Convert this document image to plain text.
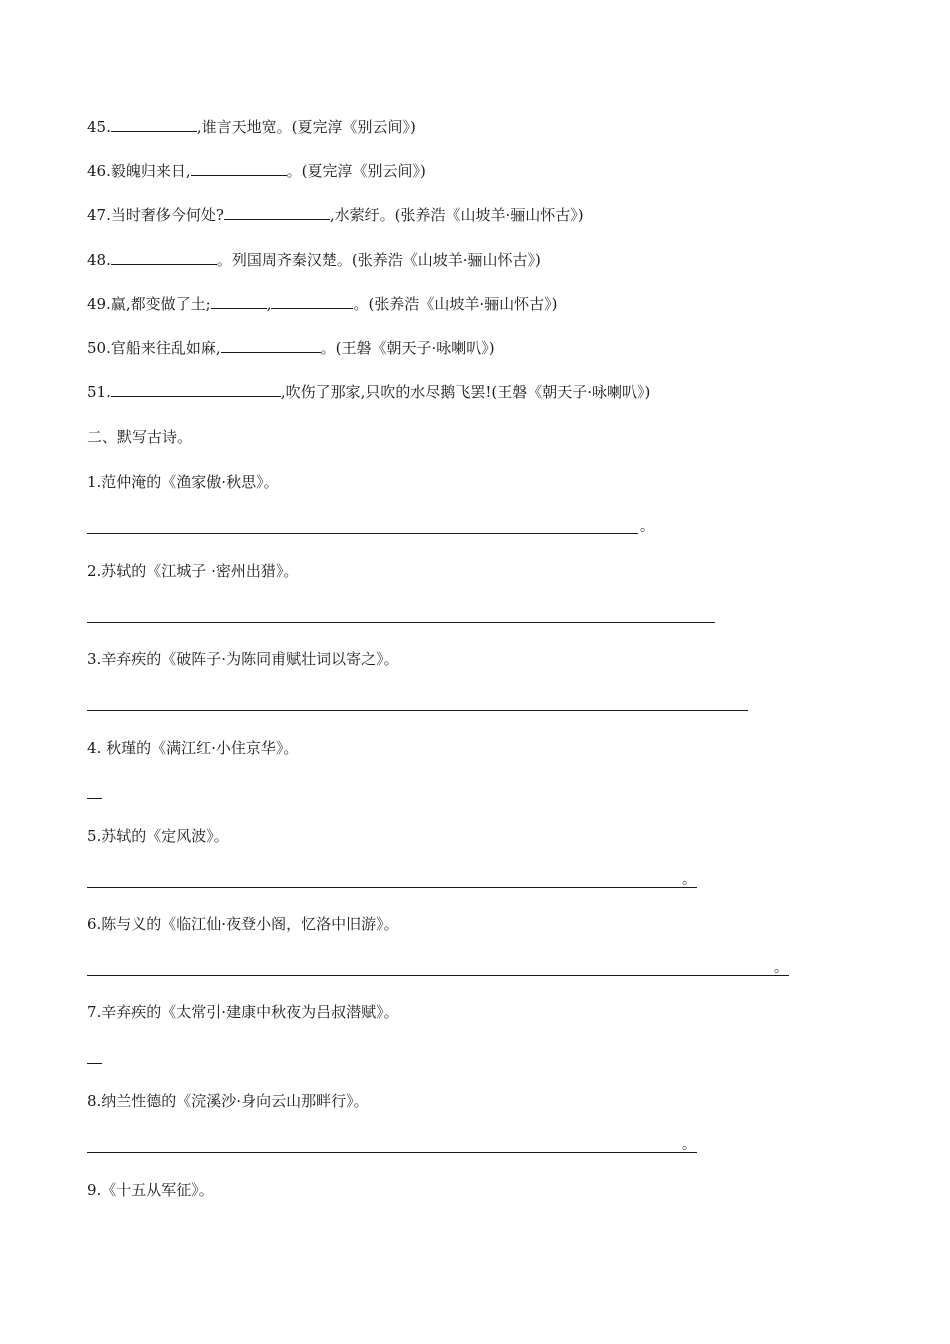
45.	,谁言天地宽。(夏完淳《别云间》)
46.毅魄归来日,	。(夏完淳《别云间》)
47.当时奢侈今何处?	,水萦纡。(张养浩《山坡羊·骊山怀古》)
48.	。列国周齐秦汉楚。(张养浩《山坡羊·骊山怀古》)
49.赢,都变做了土;	,	。(张养浩《山坡羊·骊山怀古》)
50.官船来往乱如麻,	。(王磐《朝天子·咏喇叭》)
51.	,吹伤了那家,只吹的水尽鹅飞罢!(王磐《朝天子·咏喇叭》)
二、默写古诗。
1.范仲淹的《渔家傲·秋思》。
。
2.苏轼的《江城子 ·密州出猎》。
3.辛弃疾的《破阵子·为陈同甫赋壮词以寄之》。
4. 秋瑾的《满江红·小住京华》。
5.苏轼的《定风波》。
。
6.陈与义的《临江仙·夜登小阁，忆洛中旧游》。
。
7.辛弃疾的《太常引·建康中秋夜为吕叔潜赋》。
8.纳兰性德的《浣溪沙·身向云山那畔行》。
。
9.《十五从军征》。
